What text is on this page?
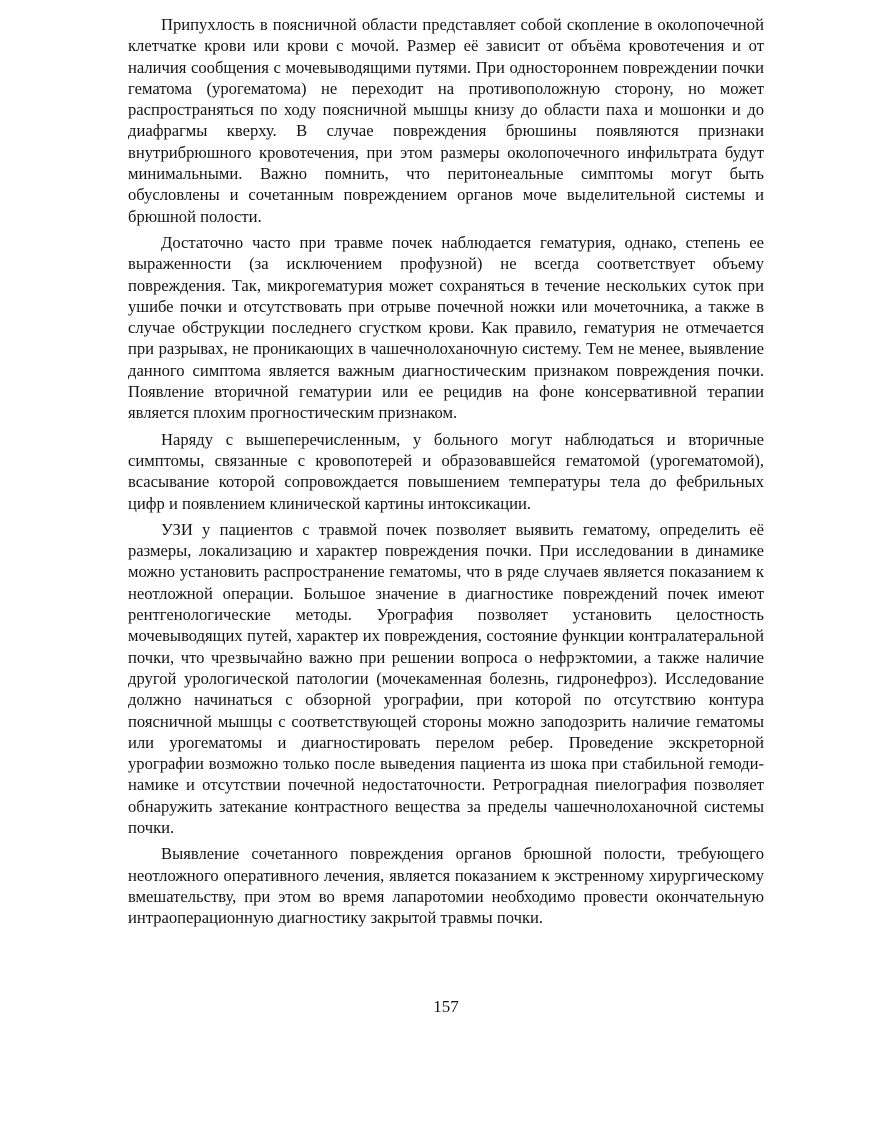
Припухлость в поясничной области представляет собой скопление в околопочечной клетчатке крови или крови с мочой. Размер её зависит от объёма кровотечения и от наличия сообщения с мочевыводящими путями. При одностороннем повреждении почки гематома (урогематома) не переходит на противоположную сторону, но может распространяться по ходу поясничной мышцы книзу до области паха и мошонки и до диафрагмы кверху. В случае повреждения брюшины появляются признаки внутрибрюшного кровотечения, при этом размеры околопочечного инфильтрата будут минимальными. Важно помнить, что перитонеальные симптомы могут быть обусловлены и сочетанным повреждением органов моче выделительной системы и брюшной полости.

Достаточно часто при травме почек наблюдается гематурия, однако, степень ее выраженности (за исключением профузной) не всегда соответствует объему повреждения. Так, микрогематурия может сохраняться в течение нескольких суток при ушибе почки и отсутствовать при отрыве почечной ножки или мочеточника, а также в случае обструкции последнего сгустком крови. Как правило, гематурия не отмечается при разрывах, не проникающих в чашечнолоханочную систему. Тем не менее, выявление данного симптома является важным диагностическим признаком повреждения почки. Появление вторичной гематурии или ее рецидив на фоне консервативной терапии является плохим прогностическим признаком.

Наряду с вышеперечисленным, у больного могут наблюдаться и вторичные симптомы, связанные с кровопотерей и образовавшейся гематомой (урогематомой), всасывание которой сопровождается повышением температуры тела до фебрильных цифр и появлением клинической картины интоксикации.

УЗИ у пациентов с травмой почек позволяет выявить гематому, определить её размеры, локализацию и характер повреждения почки. При исследовании в динамике можно установить распространение гематомы, что в ряде случаев является показанием к неотложной операции. Большое значение в диагностике повреждений почек имеют рентгенологические методы. Урография позволяет установить целостность мочевыводящих путей, характер их повреждения, состояние функции контралатеральной почки, что чрезвычайно важно при решении вопроса о нефрэктомии, а также наличие другой урологической патологии (мочекаменная болезнь, гидронефроз). Исследование должно начинаться с обзорной урографии, при которой по отсутствию контура поясничной мышцы с соответствующей стороны можно заподозрить наличие гематомы или урогематомы и диагностировать перелом ребер. Проведение экскреторной урографии возможно только после выведения пациента из шока при стабильной гемодинамике и отсутствии почечной недостаточности. Ретроградная пиелография позволяет обнаружить затекание контрастного вещества за пределы чашечнолоханочной системы почки.

Выявление сочетанного повреждения органов брюшной полости, требующего неотложного оперативного лечения, является показанием к экстренному хирургическому вмешательству, при этом во время лапаротомии необходимо провести окончательную интраоперационную диагностику закрытой травмы почки.

157
